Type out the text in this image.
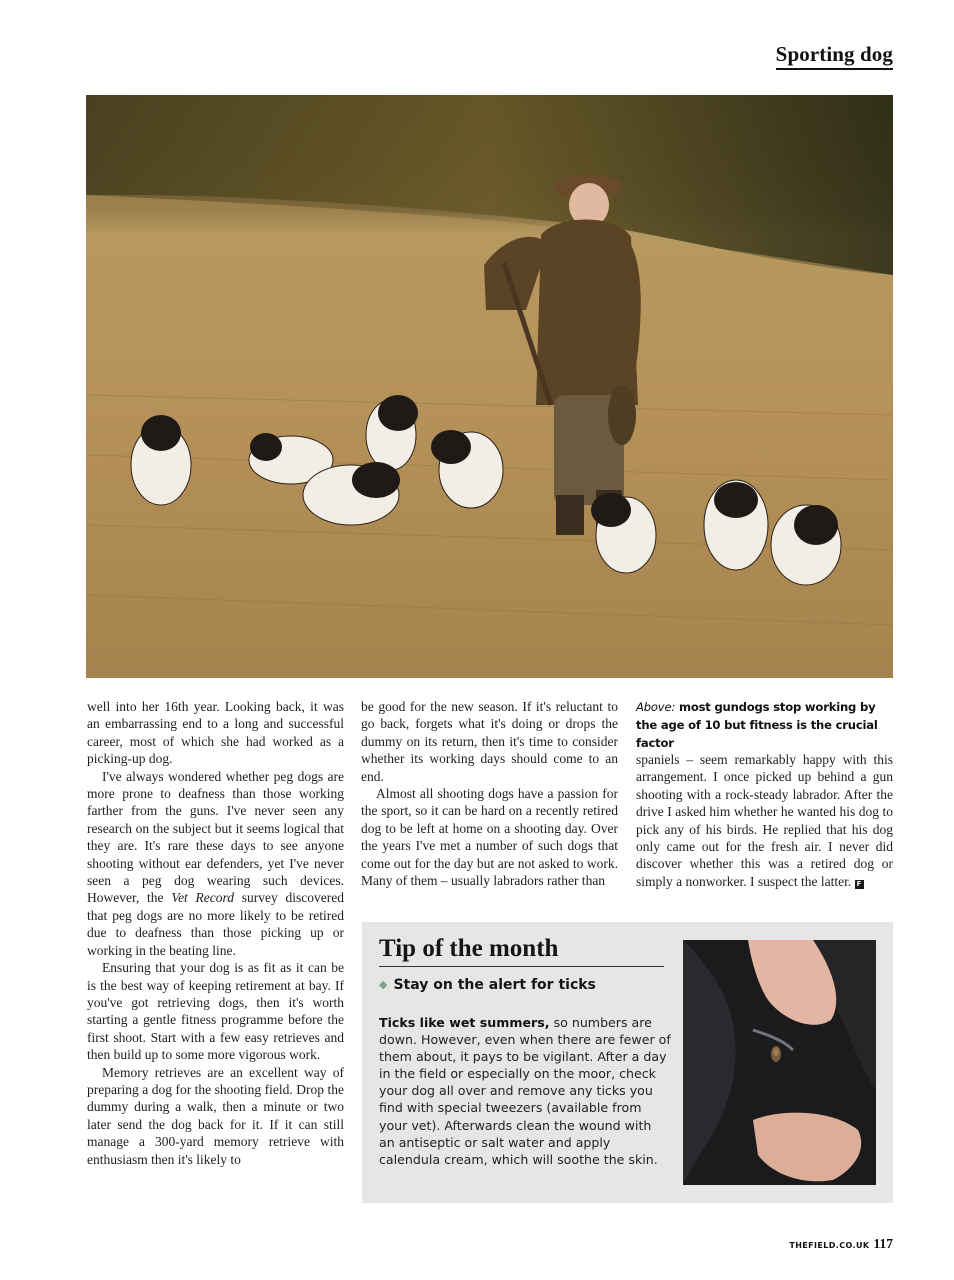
Sporting dog

well into her 16th year. Looking back, it was an embarrassing end to a long and successful career, most of which she had worked as a picking-up dog.

I've always wondered whether peg dogs are more prone to deafness than those working farther from the guns. I've never seen any research on the subject but it seems logical that they are. It's rare these days to see anyone shooting without ear defenders, yet I've never seen a peg dog wearing such devices. However, the Vet Record survey discovered that peg dogs are no more likely to be retired due to deafness than those picking up or working in the beating line.

Ensuring that your dog is as fit as it can be is the best way of keeping retirement at bay. If you've got retrieving dogs, then it's worth starting a gentle fitness programme before the first shoot. Start with a few easy retrieves and then build up to some more vigorous work.

Memory retrieves are an excellent way of preparing a dog for the shooting field. Drop the dummy during a walk, then a minute or two later send the dog back for it. If it can still manage a 300-yard memory retrieve with enthusiasm then it's likely to

be good for the new season. If it's reluctant to go back, forgets what it's doing or drops the dummy on its return, then it's time to consider whether its working days should come to an end.

Almost all shooting dogs have a passion for the sport, so it can be hard on a recently retired dog to be left at home on a shooting day. Over the years I've met a number of such dogs that come out for the day but are not asked to work. Many of them – usually labradors rather than

Above: most gundogs stop working by the age of 10 but fitness is the crucial factor

spaniels – seem remarkably happy with this arrangement. I once picked up behind a gun shooting with a rock-steady labrador. After the drive I asked him whether he wanted his dog to pick any of his birds. He replied that his dog only came out for the fresh air. I never did discover whether this was a retired dog or simply a nonworker. I suspect the latter. F

Tip of the month
◆ Stay on the alert for ticks
Ticks like wet summers, so numbers are down. However, even when there are fewer of them about, it pays to be vigilant. After a day in the field or especially on the moor, check your dog all over and remove any ticks you find with special tweezers (available from your vet). Afterwards clean the wound with an antiseptic or salt water and apply calendula cream, which will soothe the skin.
THEFIELD.CO.UK 117
